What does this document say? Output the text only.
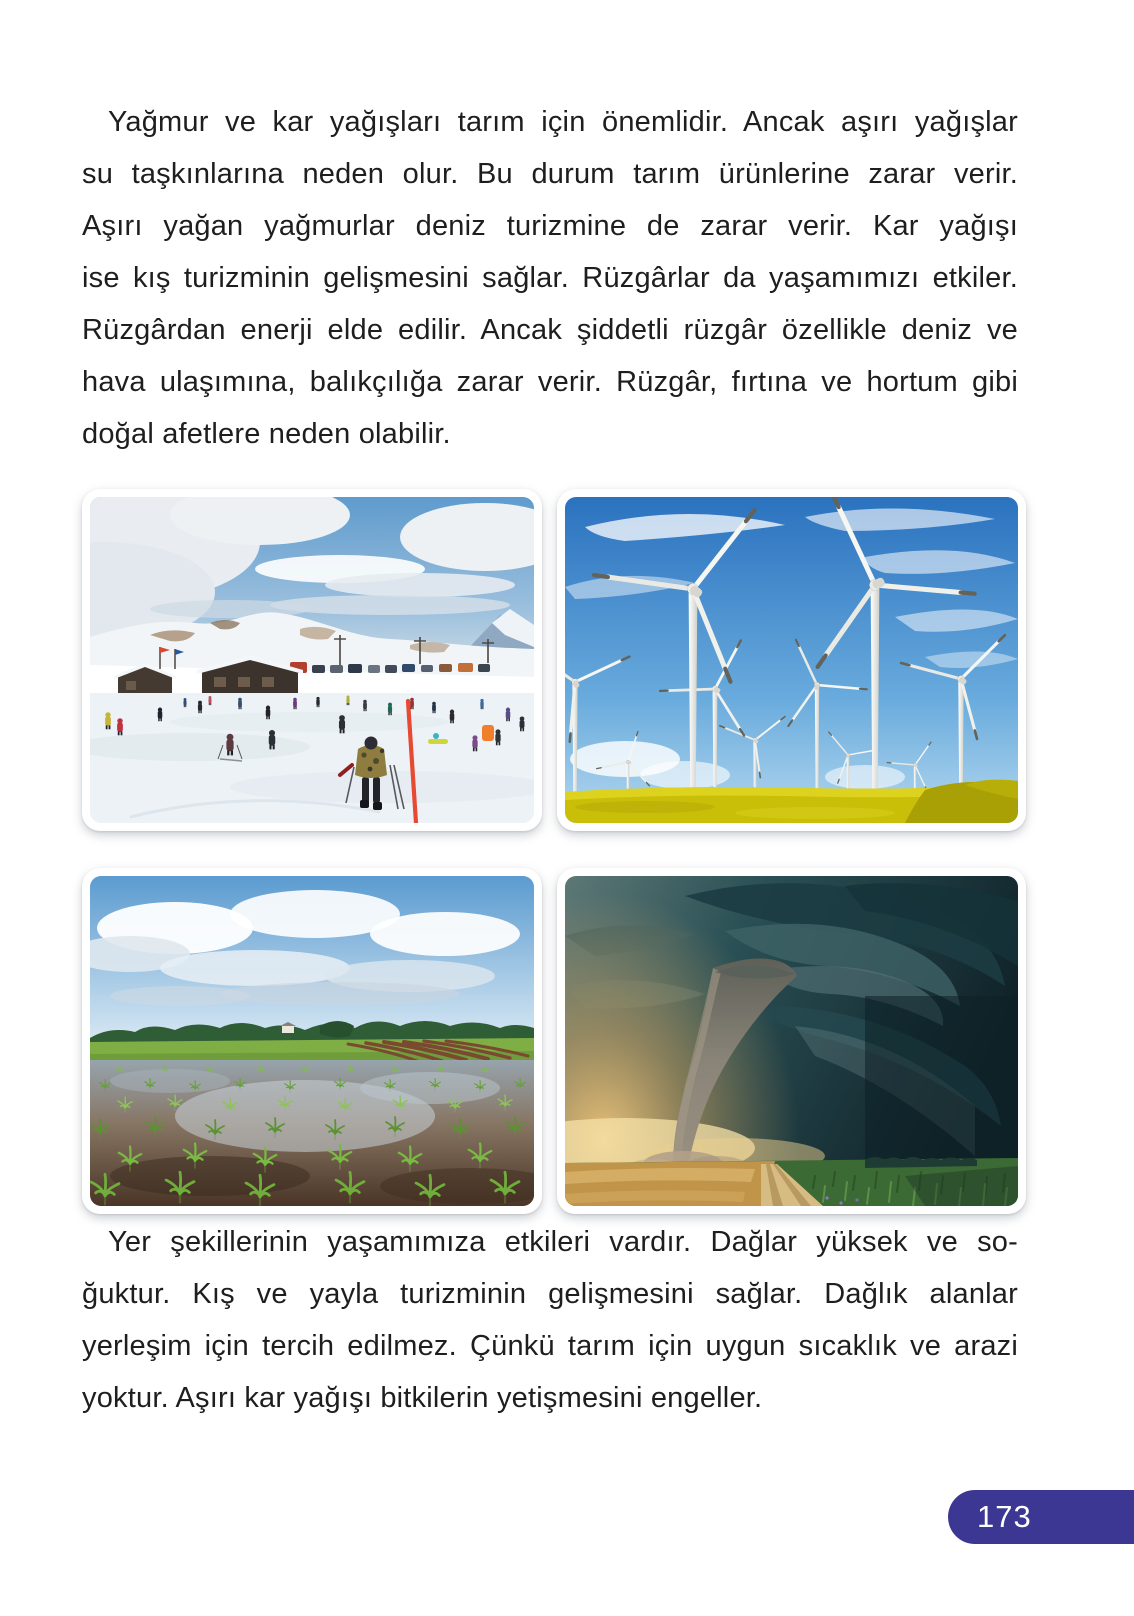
Yağmur ve kar yağışları tarım için önemlidir. Ancak aşırı yağışlar
su taşkınlarına neden olur. Bu durum tarım ürünlerine zarar verir.
Aşırı yağan yağmurlar deniz turizmine de zarar verir. Kar yağışı
ise kış turizminin gelişmesini sağlar. Rüzgârlar da yaşamımızı etkiler.
Rüzgârdan enerji elde edilir. Ancak şiddetli rüzgâr özellikle deniz ve
hava ulaşımına, balıkçılığa zarar verir. Rüzgâr, fırtına ve hortum gibi
doğal afetlere neden olabilir.
Yer şekillerinin yaşamımıza etkileri vardır. Dağlar yüksek ve so-
ğuktur. Kış ve yayla turizminin gelişmesini sağlar. Dağlık alanlar
yerleşim için tercih edilmez. Çünkü tarım için uygun sıcaklık ve arazi
yoktur. Aşırı kar yağışı bitkilerin yetişmesini engeller.
173
